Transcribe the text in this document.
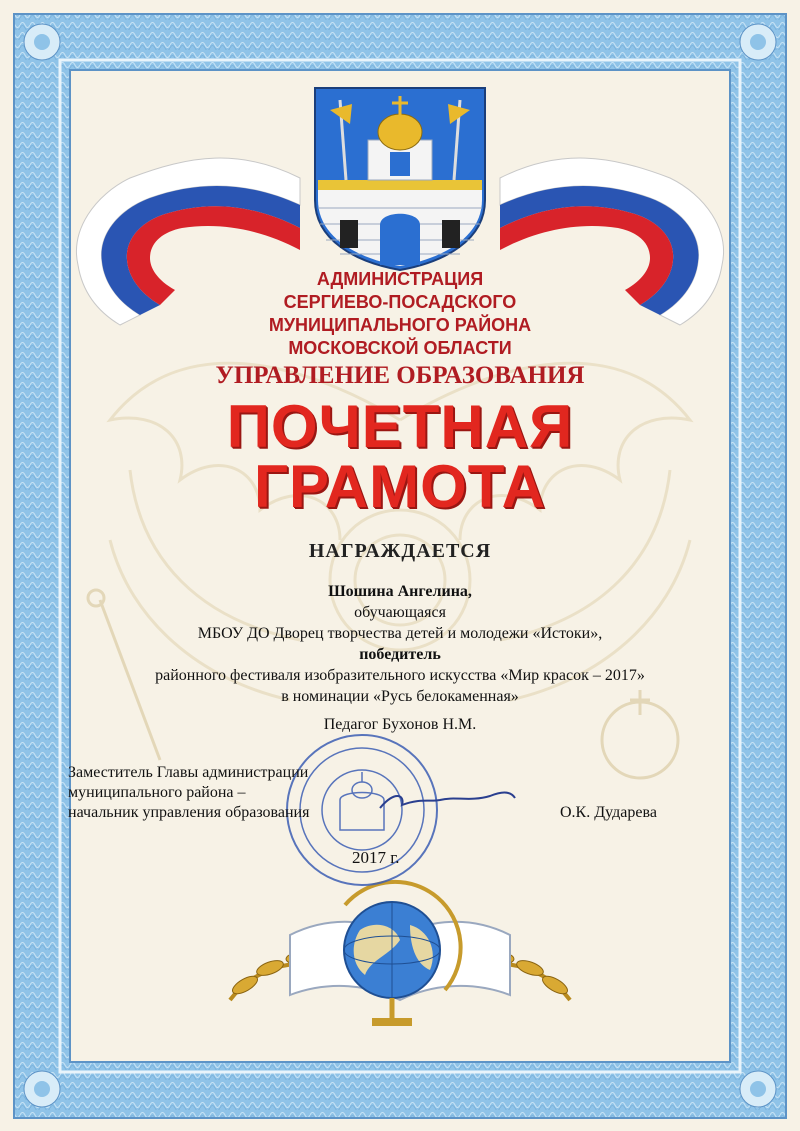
АДМИНИСТРАЦИЯ
СЕРГИЕВО-ПОСАДСКОГО
МУНИЦИПАЛЬНОГО РАЙОНА
МОСКОВСКОЙ ОБЛАСТИ
УПРАВЛЕНИЕ ОБРАЗОВАНИЯ
ПОЧЕТНАЯ
ГРАМОТА
НАГРАЖДАЕТСЯ
Шошина Ангелина,
обучающаяся
МБОУ ДО Дворец творчества детей и молодежи «Истоки»,
победитель
районного фестиваля изобразительного искусства «Мир красок – 2017»
в номинации «Русь белокаменная»
Педагог Бухонов Н.М.
Заместитель Главы администрации
муниципального района –
начальник управления образования	О.К. Дударева
2017 г.
